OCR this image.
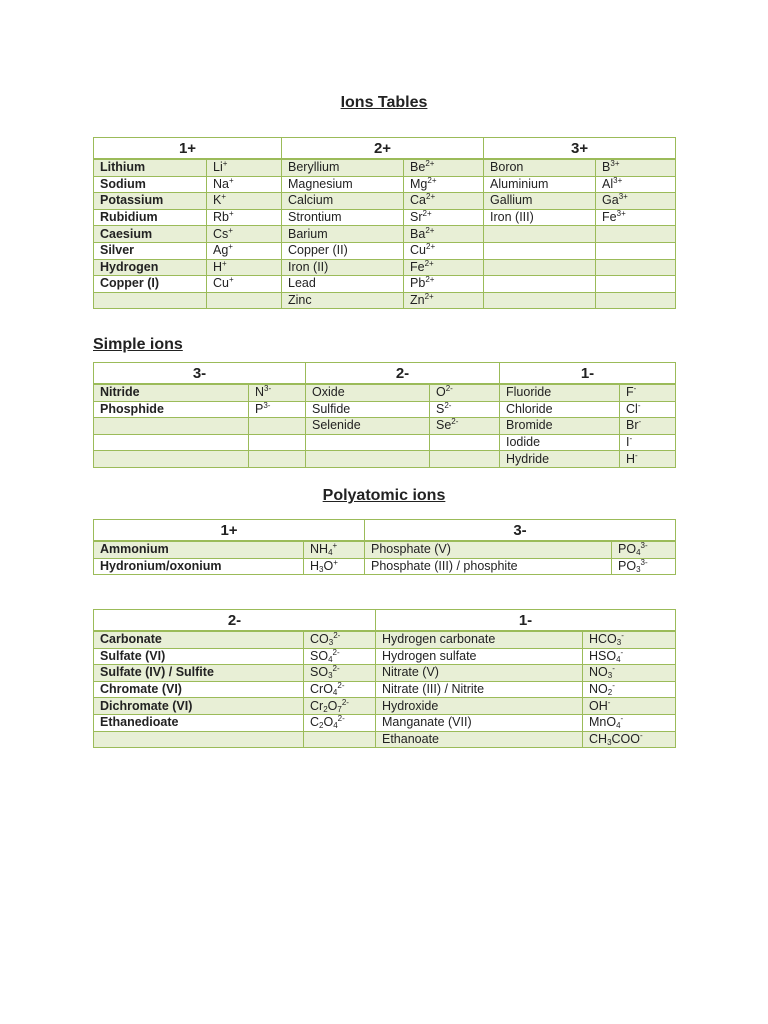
Ions Tables
1+		2+		3+	
Lithium	Li+	Beryllium	$Be^{2+}$	Boron	$B^{3+}$
Sodium	Na+	Magnesium	$Mg^{2+}$	Aluminium	$Al^{3+}$
Potassium	K+	Calcium	$Ca^{2+}$	Gallium	$Ga^{3+}$
Rubidium	Rb+	Strontium	$Sr^{2+}$	Iron (III)	$Fe^{3+}$
Caesium	Cs+	Barium	$Ba^{2+}$		
Silver	Ag+	Copper (II)	$Cu^{2+}$		
Hydrogen	H+	Iron (II)	$Fe^{2+}$		
Copper (I)	Cu+	Lead	$Pb^{2+}$		
		Zinc	$Zn^{2+}$		
Simple ions
3-		2-		1-	
Nitride	$N^{3-}$	Oxide	$O^{2-}$	Fluoride	F-
Phosphide	$P^{3-}$	Sulfide	$S^{2-}$	Chloride	Cl-
		Selenide	$Se^{2-}$	Bromide	Br-
				Iodide	I-
				Hydride	H-
Polyatomic ions
1+		3-	
Ammonium	$NH_4^+$	Phosphate (V)	$PO_4^{3-}$
Hydronium/oxonium	$H_3O^+$	Phosphate (III) / phosphite	$PO_3^{3-}$
2-		1-	
Carbonate	$CO_3^{2-}$	Hydrogen carbonate	$HCO_3^-$
Sulfate (VI)	$SO_4^{2-}$	Hydrogen sulfate	$HSO_4^-$
Sulfate (IV) / Sulfite	$SO_3^{2-}$	Nitrate (V)	$NO_3^-$
Chromate (VI)	CrO$_4^{2-}$	Nitrate (III) / Nitrite	$NO_2^-$
Dichromate (VI)	$Cr_2O_7^{2-}$	Hydroxide	OH-
Ethanedioate	$C_2O_4^{2-}$	Manganate (VII)	MnO$_4$-
		Ethanoate	$CH_3COO^-$
